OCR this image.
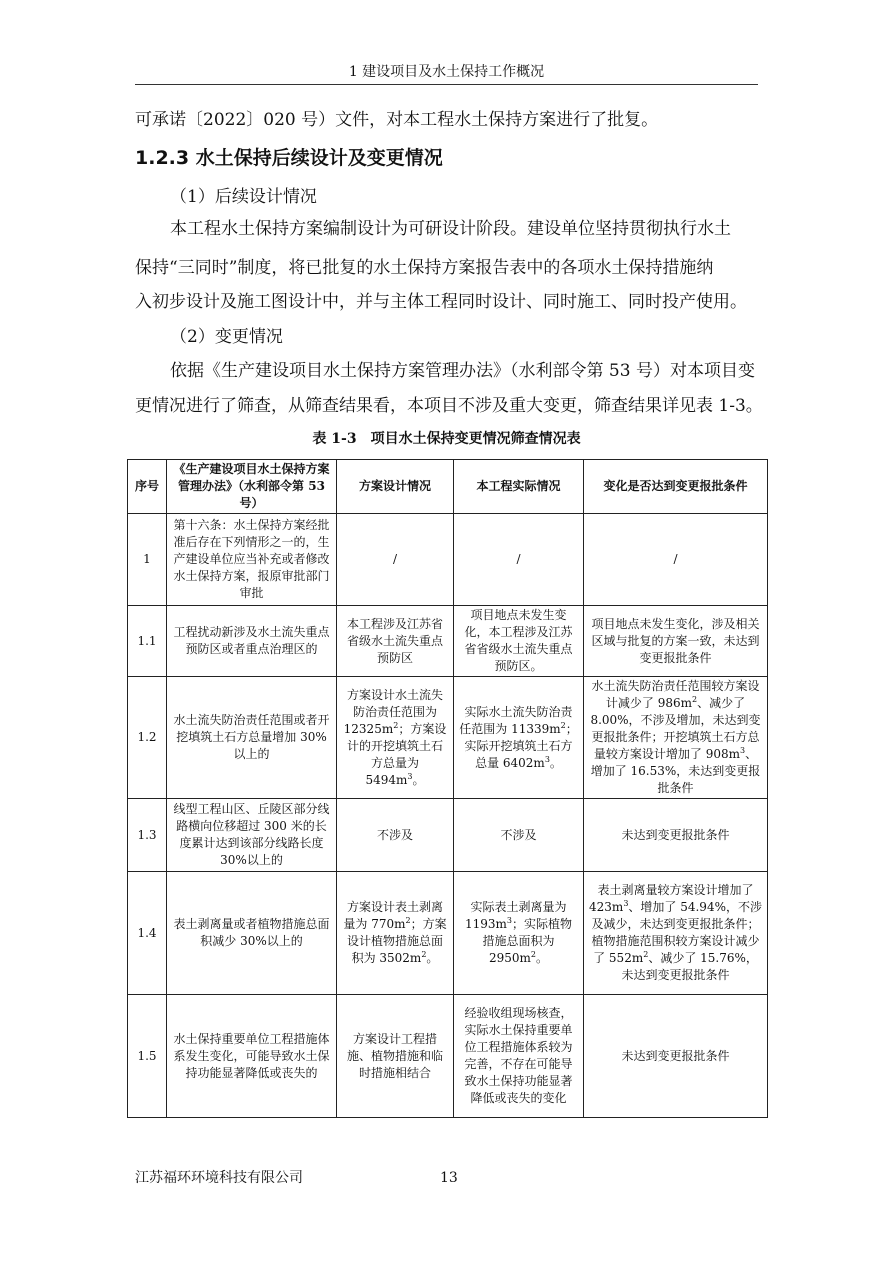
1 建设项目及水土保持工作概况

可承诺〔2022〕020 号）文件，对本工程水土保持方案进行了批复。

1.2.3 水土保持后续设计及变更情况

（1）后续设计情况

本工程水土保持方案编制设计为可研设计阶段。建设单位坚持贯彻执行水土

保持“三同时”制度，将已批复的水土保持方案报告表中的各项水土保持措施纳

入初步设计及施工图设计中，并与主体工程同时设计、同时施工、同时投产使用。

（2）变更情况

依据《生产建设项目水土保持方案管理办法》（水利部令第 53 号）对本项目变

更情况进行了筛查，从筛查结果看，本项目不涉及重大变更，筛查结果详见表 1-3。

表 1-3　项目水土保持变更情况筛查情况表
序号	《生产建设项目水土保持方案管理办法》（水利部令第 53 号）	方案设计情况	本工程实际情况	变化是否达到变更报批条件
1	第十六条：水土保持方案经批准后存在下列情形之一的，生产建设单位应当补充或者修改水土保持方案，报原审批部门审批	/	/	/
1.1	工程扰动新涉及水土流失重点预防区或者重点治理区的	本工程涉及江苏省省级水土流失重点预防区	项目地点未发生变化，本工程涉及江苏省省级水土流失重点预防区。	项目地点未发生变化，涉及相关区域与批复的方案一致，未达到变更报批条件
1.2	水土流失防治责任范围或者开挖填筑土石方总量增加 30%以上的	方案设计水土流失防治责任范围为 $12325m^2$；方案设计的开挖填筑土石方总量为 $5494m^3$。	实际水土流失防治责任范围为 $11339m^2$；实际开挖填筑土石方总量 $6402m^3$。	水土流失防治责任范围较方案设计减少了 $986m^2$、减少了 8.00%，不涉及增加，未达到变更报批条件；开挖填筑土石方总量较方案设计增加了 $908m^3$、增加了 16.53%，未达到变更报批条件
1.3	线型工程山区、丘陵区部分线路横向位移超过 300 米的长度累计达到该部分线路长度 30%以上的	不涉及	不涉及	未达到变更报批条件
1.4	表土剥离量或者植物措施总面积减少 30%以上的	方案设计表土剥离量为 $770m^2$；方案设计植物措施总面积为 $3502m^2$。	实际表土剥离量为 $1193m^3$；实际植物措施总面积为 $2950m^2$。	表土剥离量较方案设计增加了 $423m^3$、增加了 54.94%，不涉及减少，未达到变更报批条件；植物措施范围积较方案设计减少了 $552m^2$、减少了 15.76%，未达到变更报批条件
1.5	水土保持重要单位工程措施体系发生变化，可能导致水土保持功能显著降低或丧失的	方案设计工程措施、植物措施和临时措施相结合	经验收组现场核查，实际水土保持重要单位工程措施体系较为完善，不存在可能导致水土保持功能显著降低或丧失的变化	未达到变更报批条件
江苏福环环境科技有限公司	13
